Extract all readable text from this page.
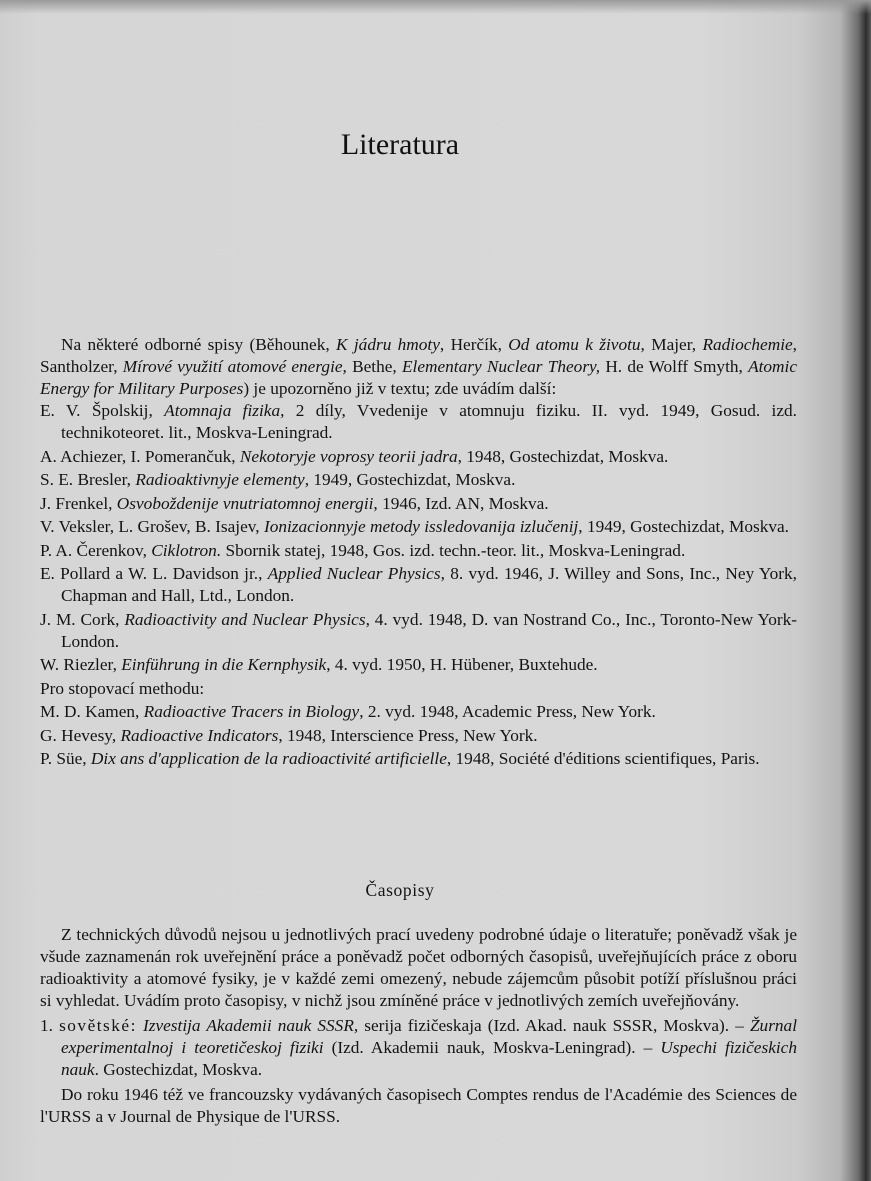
Literatura

Na některé odborné spisy (Běhounek, K jádru hmoty, Herčík, Od atomu k životu, Majer, Radiochemie, Santholzer, Mírové využití atomové energie, Bethe, Elementary Nuclear Theory, H. de Wolff Smyth, Atomic Energy for Military Purposes) je upozorněno již v textu; zde uvádím další:

E. V. Špolskij, Atomnaja fizika, 2 díly, Vvedenije v atomnuju fiziku. II. vyd. 1949, Gosud. izd. technikoteoret. lit., Moskva-Leningrad.

A. Achiezer, I. Pomerančuk, Nekotoryje voprosy teorii jadra, 1948, Gostechizdat, Moskva.

S. E. Bresler, Radioaktivnyje elementy, 1949, Gostechizdat, Moskva.

J. Frenkel, Osvoboždenije vnutriatomnoj energii, 1946, Izd. AN, Moskva.

V. Veksler, L. Grošev, B. Isajev, Ionizacionnyje metody issledovanija izlučenij, 1949, Gostechizdat, Moskva.

P. A. Čerenkov, Ciklotron. Sbornik statej, 1948, Gos. izd. techn.-teor. lit., Moskva-Leningrad.

E. Pollard a W. L. Davidson jr., Applied Nuclear Physics, 8. vyd. 1946, J. Willey and Sons, Inc., Ney York, Chapman and Hall, Ltd., London.

J. M. Cork, Radioactivity and Nuclear Physics, 4. vyd. 1948, D. van Nostrand Co., Inc., Toronto-New York-London.

W. Riezler, Einführung in die Kernphysik, 4. vyd. 1950, H. Hübener, Buxtehude.

Pro stopovací methodu:

M. D. Kamen, Radioactive Tracers in Biology, 2. vyd. 1948, Academic Press, New York.

G. Hevesy, Radioactive Indicators, 1948, Interscience Press, New York.

P. Süe, Dix ans d'application de la radioactivité artificielle, 1948, Société d'éditions scientifiques, Paris.

Časopisy

Z technických důvodů nejsou u jednotlivých prací uvedeny podrobné údaje o literatuře; poněvadž však je všude zaznamenán rok uveřejnění práce a poněvadž počet odborných časopisů, uveřejňujících práce z oboru radioaktivity a atomové fysiky, je v každé zemi omezený, nebude zájemcům působit potíží příslušnou práci si vyhledat. Uvádím proto časopisy, v nichž jsou zmíněné práce v jednotlivých zemích uveřejňovány.

1. sovětské: Izvestija Akademii nauk SSSR, serija fizičeskaja (Izd. Akad. nauk SSSR, Moskva). – Žurnal experimentalnoj i teoretičeskoj fiziki (Izd. Akademii nauk, Moskva-Leningrad). – Uspechi fizičeskich nauk. Gostechizdat, Moskva.

Do roku 1946 též ve francouzsky vydávaných časopisech Comptes rendus de l'Académie des Sciences de l'URSS a v Journal de Physique de l'URSS.
